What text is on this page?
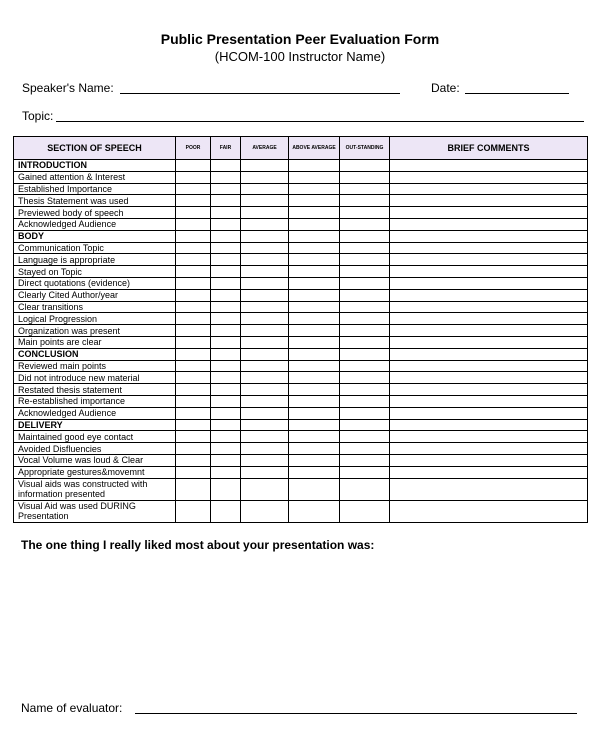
Public Presentation Peer Evaluation Form
(HCOM-100 Instructor Name)
Speaker's Name:	Date:
Topic:
SECTION OF SPEECH	POOR	FAIR	AVERAGE	ABOVE AVERAGE	OUT-STANDING	BRIEF COMMENTS
INTRODUCTION						
Gained attention & Interest						
Established Importance						
Thesis Statement was used						
Previewed body of speech						
Acknowledged Audience						
BODY						
Communication Topic						
Language is appropriate						
Stayed on Topic						
Direct quotations (evidence)						
Clearly Cited Author/year						
Clear transitions						
Logical Progression						
Organization was present						
Main points are clear						
CONCLUSION						
Reviewed main points						
Did not introduce new material						
Restated thesis statement						
Re-established importance						
Acknowledged Audience						
DELIVERY						
Maintained good eye contact						
Avoided Disfluencies						
Vocal Volume was loud & Clear						
Appropriate gestures&movemnt						
Visual aids was constructed with information presented						
Visual Aid was used DURING Presentation						
The one thing I really liked most about your presentation was:
Name of evaluator:
